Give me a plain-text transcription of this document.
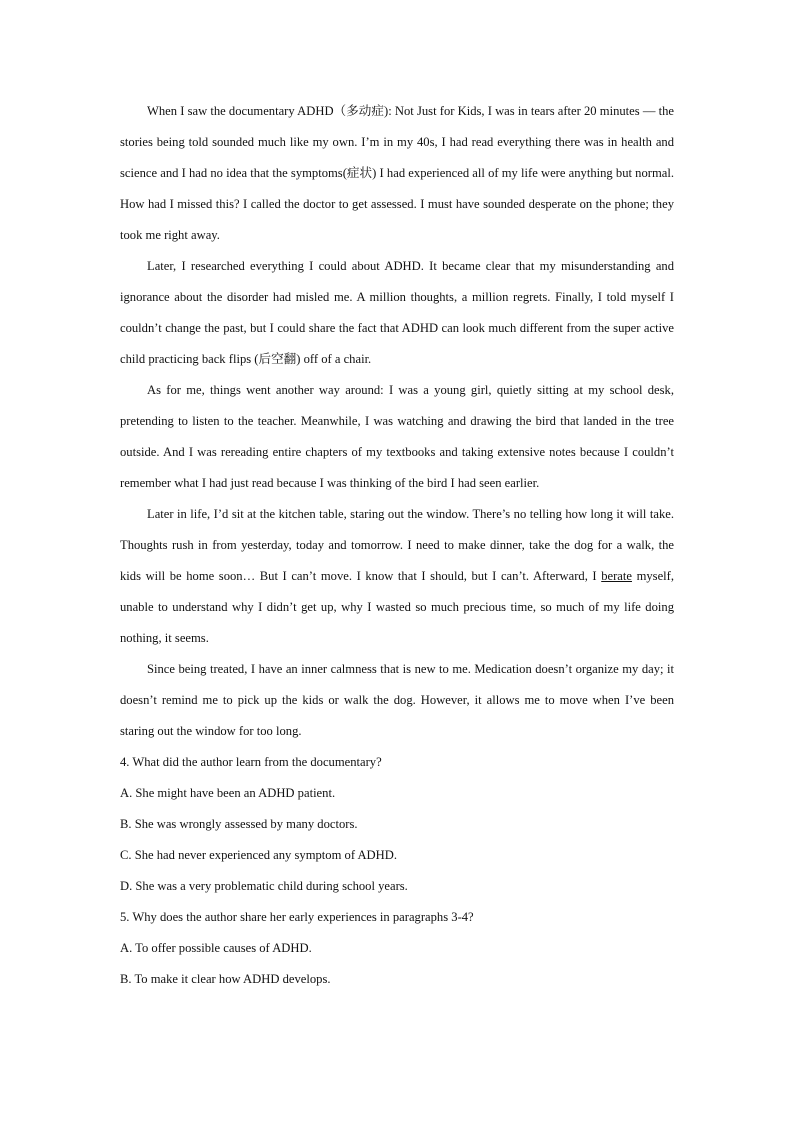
When I saw the documentary ADHD（多动症): Not Just for Kids, I was in tears after 20 minutes — the stories being told sounded much like my own. I’m in my 40s, I had read everything there was in health and science and I had no idea that the symptoms(症状) I had experienced all of my life were anything but normal. How had I missed this? I called the doctor to get assessed. I must have sounded desperate on the phone; they took me right away.

Later, I researched everything I could about ADHD. It became clear that my misunderstanding and ignorance about the disorder had misled me. A million thoughts, a million regrets. Finally, I told myself I couldn’t change the past, but I could share the fact that ADHD can look much different from the super active child practicing back flips (后空翻) off of a chair.

As for me, things went another way around: I was a young girl, quietly sitting at my school desk, pretending to listen to the teacher. Meanwhile, I was watching and drawing the bird that landed in the tree outside. And I was rereading entire chapters of my textbooks and taking extensive notes because I couldn’t remember what I had just read because I was thinking of the bird I had seen earlier.

Later in life, I’d sit at the kitchen table, staring out the window. There’s no telling how long it will take. Thoughts rush in from yesterday, today and tomorrow. I need to make dinner, take the dog for a walk, the kids will be home soon… But I can’t move. I know that I should, but I can’t. Afterward, I berate myself, unable to understand why I didn’t get up, why I wasted so much precious time, so much of my life doing nothing, it seems.

Since being treated, I have an inner calmness that is new to me. Medication doesn’t organize my day; it doesn’t remind me to pick up the kids or walk the dog. However, it allows me to move when I’ve been staring out the window for too long.

4. What did the author learn from the documentary?

A. She might have been an ADHD patient.

B. She was wrongly assessed by many doctors.

C. She had never experienced any symptom of ADHD.

D. She was a very problematic child during school years.

5. Why does the author share her early experiences in paragraphs 3-4?

A. To offer possible causes of ADHD.

B. To make it clear how ADHD develops.
